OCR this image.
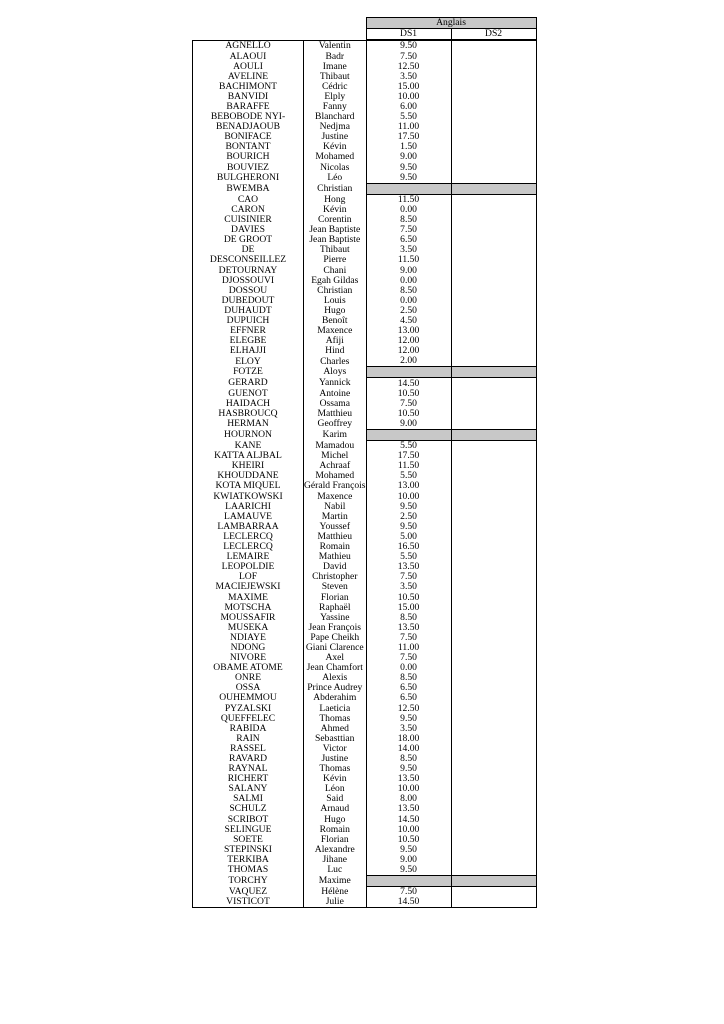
		Anglais	
		DS1	DS2
AGNELLO	Valentin	9.50	
ALAOUI	Badr	7.50	
AOULI	Imane	12.50	
AVELINE	Thibaut	3.50	
BACHIMONT	Cédric	15.00	
BANVIDI	Elply	10.00	
BARAFFE	Fanny	6.00	
BEBOBODE NYI-	Blanchard	5.50	
BENADJAOUB	Nedjma	11.00	
BONIFACE	Justine	17.50	
BONTANT	Kévin	1.50	
BOURICH	Mohamed	9.00	
BOUVIEZ	Nicolas	9.50	
BULGHERONI	Léo	9.50	
BWEMBA	Christian		
CAO	Hong	11.50	
CARON	Kévin	0.00	
CUISINIER	Corentin	8.50	
DAVIES	Jean Baptiste	7.50	
DE GROOT	Jean Baptiste	6.50	
DE	Thibaut	3.50	
DESCONSEILLEZ	Pierre	11.50	
DETOURNAY	Chani	9.00	
DJOSSOUVI	Egah Gildas	0.00	
DOSSOU	Christian	8.50	
DUBEDOUT	Louis	0.00	
DUHAUDT	Hugo	2.50	
DUPUICH	Benoît	4.50	
EFFNER	Maxence	13.00	
ELEGBE	Afiji	12.00	
ELHAJJI	Hind	12.00	
ELOY	Charles	2.00	
FOTZE	Aloys		
GERARD	Yannick	14.50	
GUENOT	Antoine	10.50	
HAIDACH	Ossama	7.50	
HASBROUCQ	Matthieu	10.50	
HERMAN	Geoffrey	9.00	
HOURNON	Karim		
KANE	Mamadou	5.50	
KATTA ALJBAL	Michel	17.50	
KHEIRI	Achraaf	11.50	
KHOUDDANE	Mohamed	5.50	
KOTA MIQUEL	Gérald François	13.00	
KWIATKOWSKI	Maxence	10.00	
LAARICHI	Nabil	9.50	
LAMAUVE	Martin	2.50	
LAMBARRAA	Youssef	9.50	
LECLERCQ	Matthieu	5.00	
LECLERCQ	Romain	16.50	
LEMAIRE	Mathieu	5.50	
LEOPOLDIE	David	13.50	
LOF	Christopher	7.50	
MACIEJEWSKI	Steven	3.50	
MAXIME	Florian	10.50	
MOTSCHA	Raphaël	15.00	
MOUSSAFIR	Yassine	8.50	
MUSEKA	Jean François	13.50	
NDIAYE	Pape Cheikh	7.50	
NDONG	Giani Clarence	11.00	
NIVORE	Axel	7.50	
OBAME ATOME	Jean Chamfort	0.00	
ONRE	Alexis	8.50	
OSSA	Prince Audrey	6.50	
OUHEMMOU	Abderahim	6.50	
PYZALSKI	Laeticia	12.50	
QUEFFELEC	Thomas	9.50	
RABIDA	Ahmed	3.50	
RAIN	Sebasttian	18.00	
RASSEL	Victor	14.00	
RAVARD	Justine	8.50	
RAYNAL	Thomas	9.50	
RICHERT	Kévin	13.50	
SALANY	Léon	10.00	
SALMI	Said	8.00	
SCHULZ	Arnaud	13.50	
SCRIBOT	Hugo	14.50	
SELINGUE	Romain	10.00	
SOETE	Florian	10.50	
STEPINSKI	Alexandre	9.50	
TERKIBA	Jihane	9.00	
THOMAS	Luc	9.50	
TORCHY	Maxime		
VAQUEZ	Hélène	7.50	
VISTICOT	Julie	14.50	
